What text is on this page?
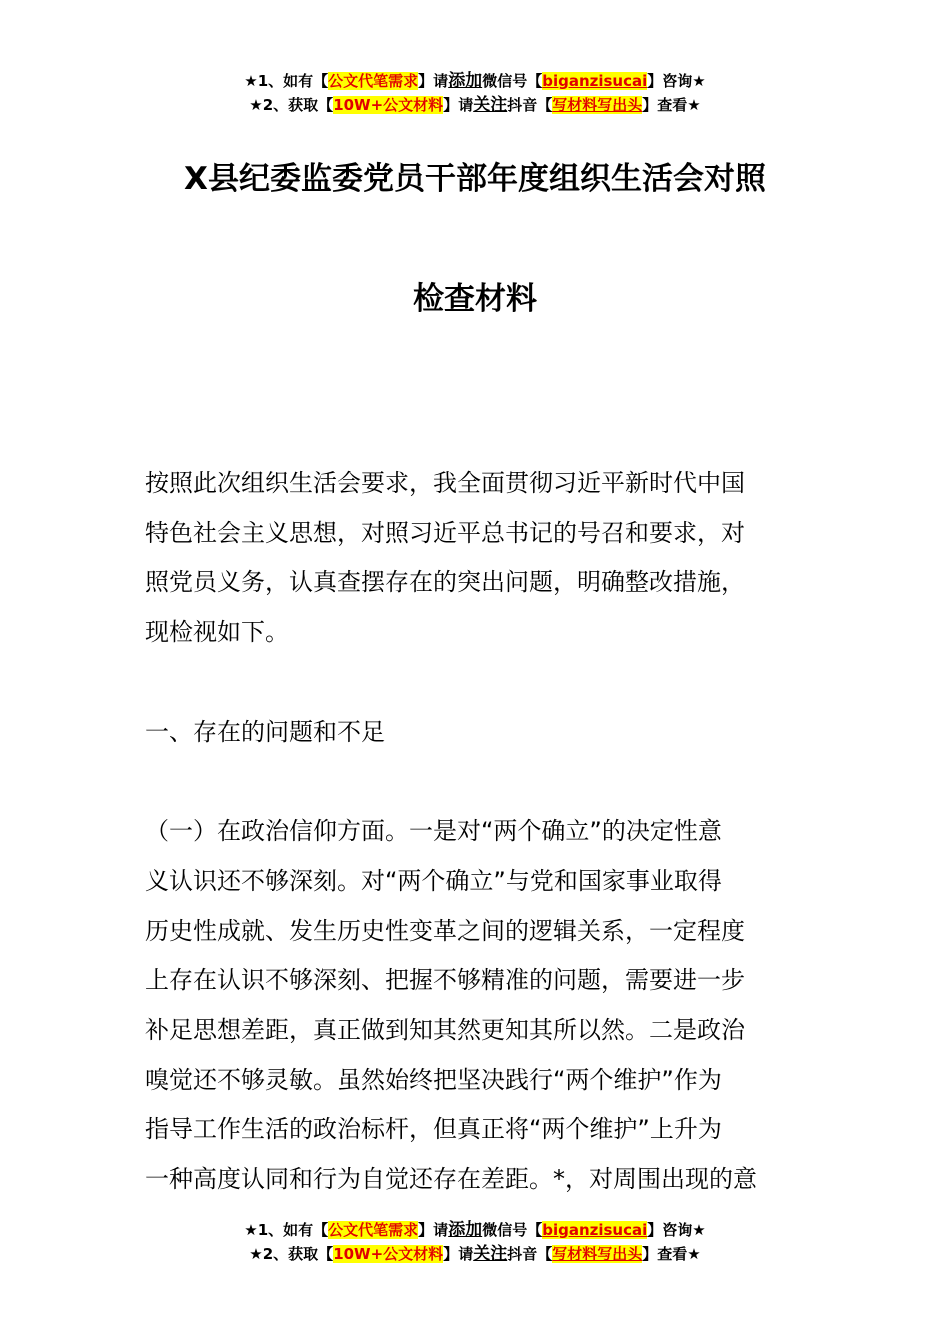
★1、如有【公文代笔需求】请添加微信号【biganzisucai】咨询★
★2、获取【10W+公文材料】请关注抖音【写材料写出头】查看★
X县纪委监委党员干部年度组织生活会对照
检查材料
按照此次组织生活会要求，我全面贯彻习近平新时代中国
特色社会主义思想，对照习近平总书记的号召和要求，对
照党员义务，认真查摆存在的突出问题，明确整改措施，
现检视如下。
一、存在的问题和不足
（一）在政治信仰方面。一是对“两个确立”的决定性意
义认识还不够深刻。对“两个确立”与党和国家事业取得
历史性成就、发生历史性变革之间的逻辑关系，一定程度
上存在认识不够深刻、把握不够精准的问题，需要进一步
补足思想差距，真正做到知其然更知其所以然。二是政治
嗅觉还不够灵敏。虽然始终把坚决践行“两个维护”作为
指导工作生活的政治标杆，但真正将“两个维护”上升为
一种高度认同和行为自觉还存在差距。*，对周围出现的意
★1、如有【公文代笔需求】请添加微信号【biganzisucai】咨询★
★2、获取【10W+公文材料】请关注抖音【写材料写出头】查看★
